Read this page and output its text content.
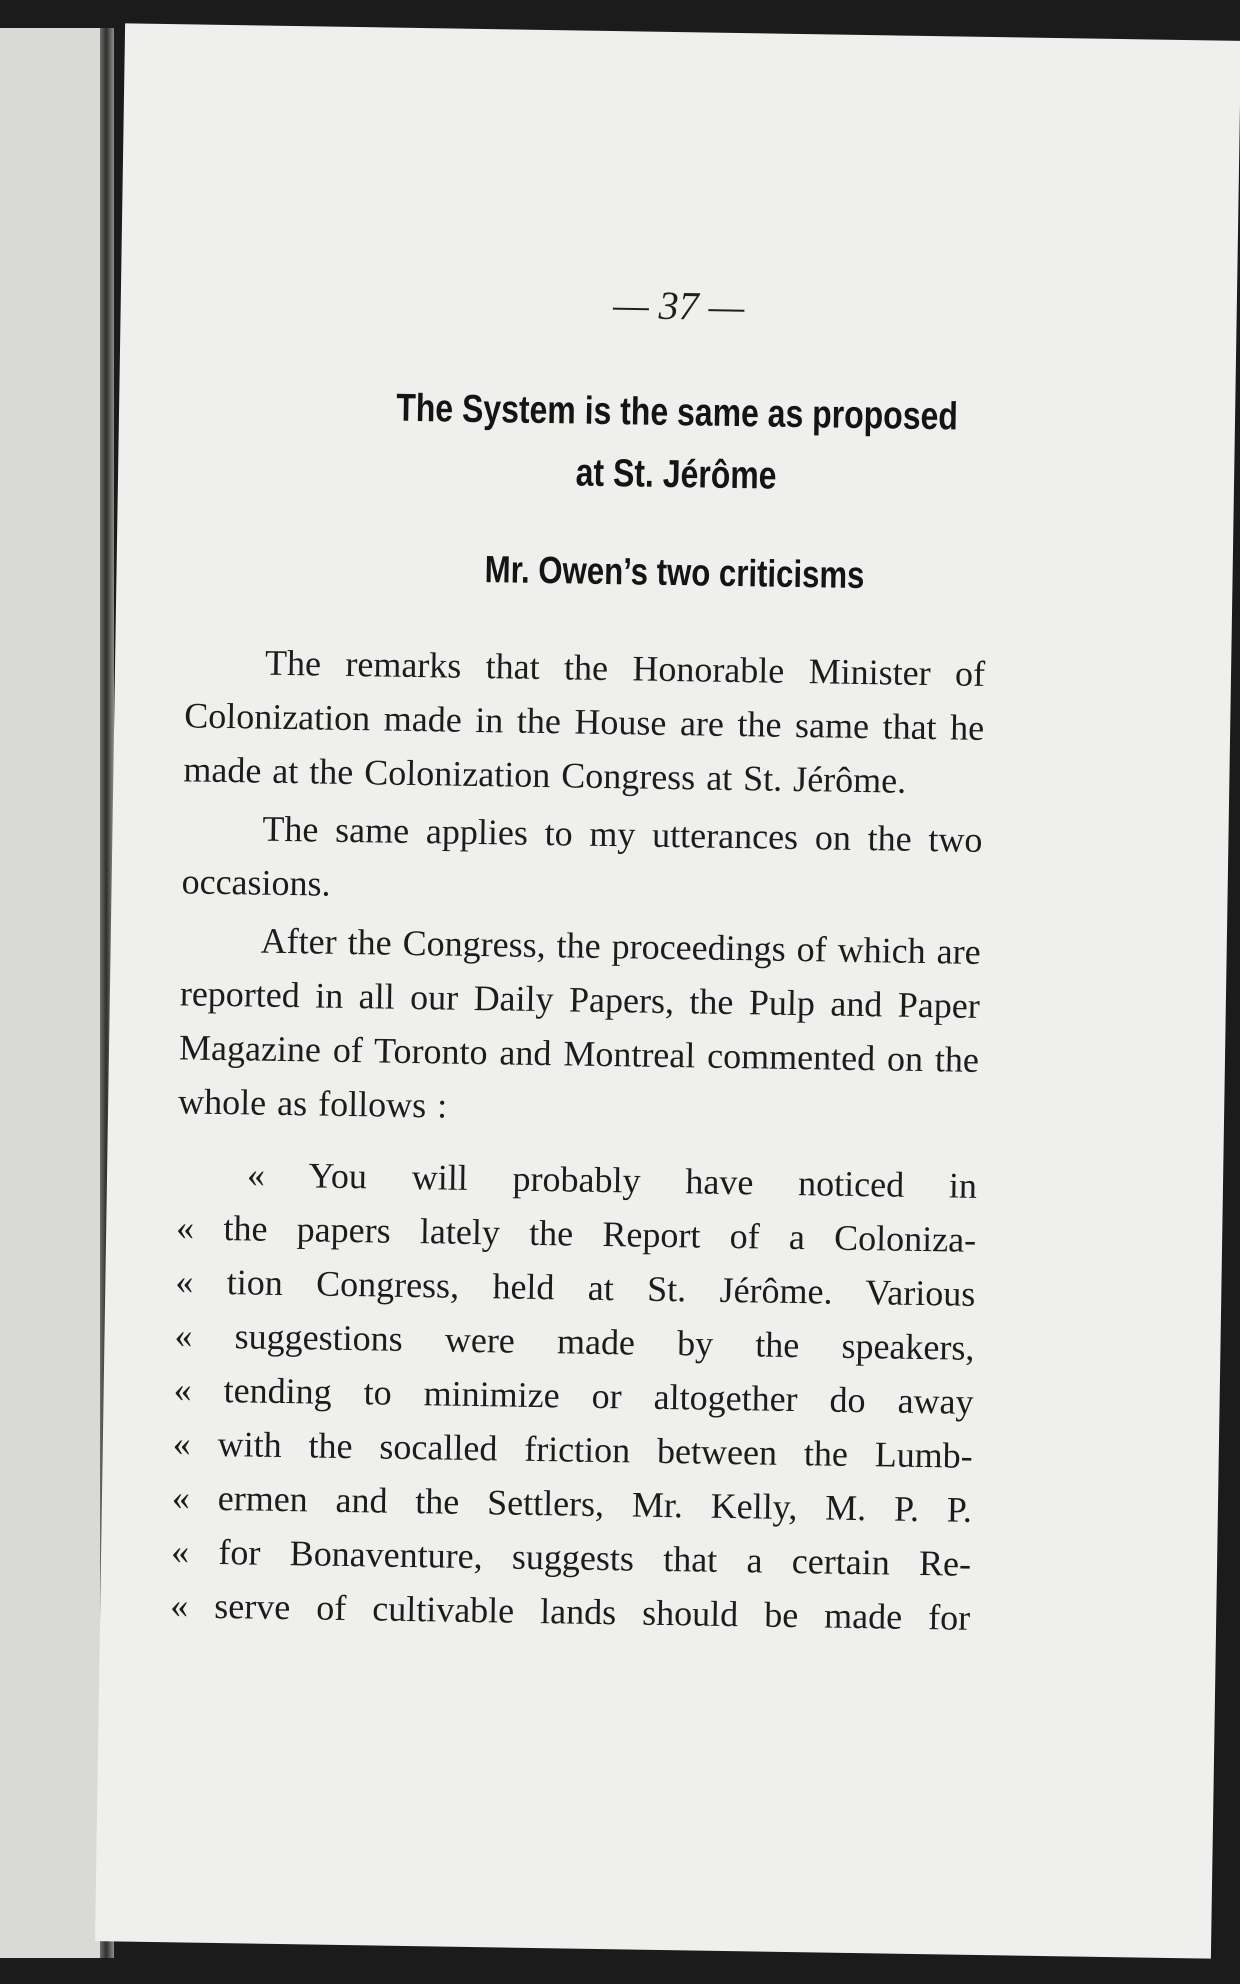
— 37 —

The System is the same as proposed
at St. Jérôme
Mr. Owen’s two criticisms

The remarks that the Honorable Minister of Colonization made in the House are the same that he made at the Colonization Congress at St. Jérôme.

The same applies to my utterances on the two occasions.

After the Congress, the proceedings of which are reported in all our Daily Papers, the Pulp and Paper Magazine of Toronto and Montreal commented on the whole as follows :

« You will probably have noticed in
« the papers lately the Report of a Coloniza-
« tion Congress, held at St. Jérôme. Various
« suggestions were made by the speakers,
« tending to minimize or altogether do away
« with the socalled friction between the Lumb-
« ermen and the Settlers, Mr. Kelly, M. P. P.
« for Bonaventure, suggests that a certain Re-
« serve of cultivable lands should be made for
